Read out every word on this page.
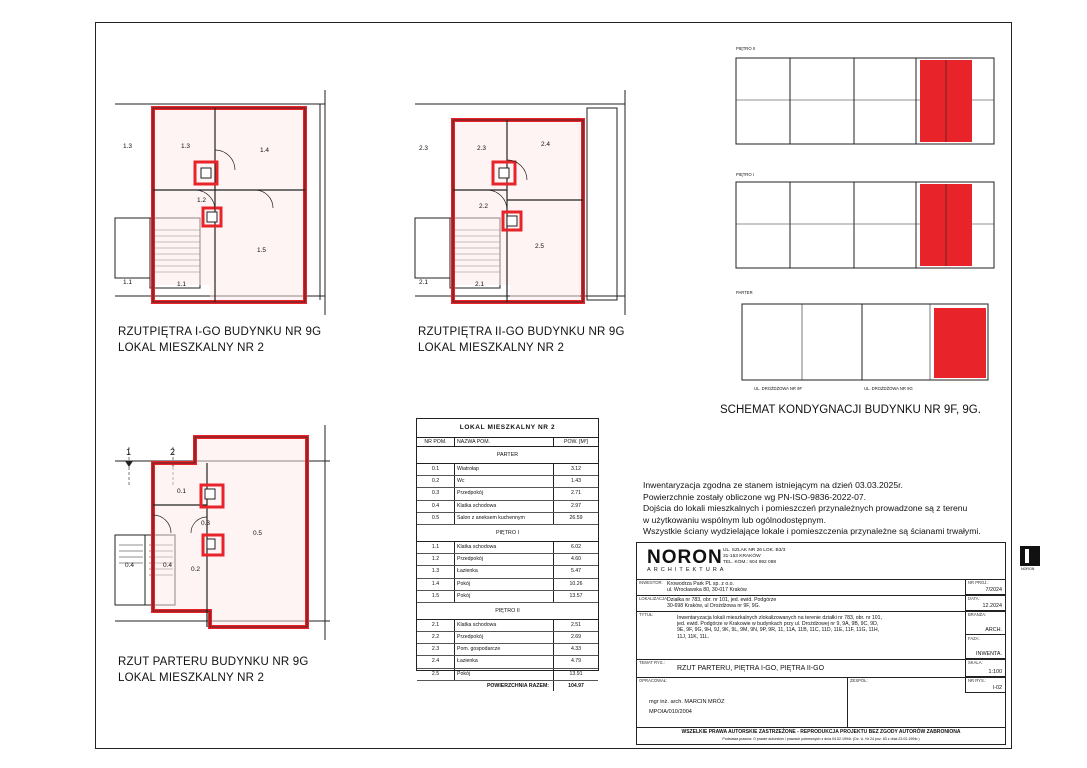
1.3	1.3
1.4
1.2
1.5
1.1	1.1
RZUTPIĘTRA I-GO BUDYNKU NR 9G
LOKAL MIESZKALNY NR 2
2.3	2.3
2.4
2.2
2.5
2.1	2.1
RZUTPIĘTRA II-GO BUDYNKU NR 9G
LOKAL MIESZKALNY NR 2
1	2
0.1
0.3
0.5
0.4	0.4
0.2
RZUT PARTERU BUDYNKU NR 9G
LOKAL MIESZKALNY NR 2
PIĘTRO II
PIĘTRO I
PARTER
UL. DROŻDŻOWA NR 9F	UL. DROŻDŻOWA NR 9G
SCHEMAT KONDYGNACJI BUDYNKU NR 9F, 9G.
Inwentaryzacja zgodna ze stanem istniejącym na dzień 03.03.2025r.
Powierzchnie zostały obliczone wg PN-ISO-9836-2022-07.
Dojścia do lokali mieszkalnych i pomieszczeń przynależnych prowadzone są z terenu
w użytkowaniu wspólnym lub ogólnodostępnym.
Wszystkie ściany wydzielające lokale i pomieszczenia przynależne są ścianami trwałymi.
LOKAL MIESZKALNY NR 2
NR POM.	NAZWA POM.	POW. [M²]
PARTER
0.1	Wiatrołap	3.12
0.2	Wc	1.43
0.3	Przedpokój	2.71
0.4	Klatka schodowa	2.97
0.5	Salon z aneksem kuchennym	26.59
PIĘTRO I
1.1	Klatka schodowa	6.02
1.2	Przedpokój	4.60
1.3	Łazienka	5.47
1.4	Pokój	10.26
1.5	Pokój	13.57
PIĘTRO II
2.1	Klatka schodowa	2.51
2.2	Przedpokój	2.69
2.3	Pom. gospodarcze	4.33
2.4	Łazienka	4.79
2.5	Pokój	13.91
POWIERZCHNIA RAZEM:	104.97
NORON
ARCHITEKTURA
UL. SZLAK NR 26 LOK. B3/3
31-153 KRAKÓW
TEL. KOM.: 604 992 088
INWESTOR: Krowodrza Park PL sp. z o.o.
ul. Wrocławska 80, 30-017 Kraków
LOKALIZACJA:
Działka nr 783, obr. nr 101, jed. ewid. Podgórze
30-698 Kraków, ul Drożdżowa nr 9F, 9G.
TYTUŁ:
Inwentaryzacja lokali mieszkalnych zlokalizowanych na terenie działki nr 783, obr. nr 101,
jed. ewid. Podgórze w Krakowie w budynkach przy ul. Drożdżowej nr 9, 9A, 9B, 9C, 9D,
9E, 9F, 9G, 9H, 9J, 9K, 9L, 9M, 9N, 9P, 9R, 11, 11A, 11B, 11C, 11D, 11E, 11F, 11G, 11H,
11J, 11K, 11L.
TEMAT RYS.:
RZUT PARTERU, PIĘTRA I-GO, PIĘTRA II-GO
OPRACOWAŁ:
mgr inż. arch. MARCIN MRÓZ
MPOIA/010/2004
ZESPÓŁ:
WSZELKIE PRAWA AUTORSKIE ZASTRZEŻONE - REPRODUKCJA PROJEKTU BEZ ZGODY AUTORÓW ZABRONIONA
Podstawa prawna: O prawie autorskim i prawach pokrewnych z dnia 04.02.1994r. (Dz. U. Nr 24 poz. 83 z dnia 23.02.1994r.)
NR PROJ.:
7/2024
DATA:
12.2024
BRANŻA:
ARCH.
FAZA:
INWENTA.
SKALA:
1:100
NR RYS.:
I-02
NORON
